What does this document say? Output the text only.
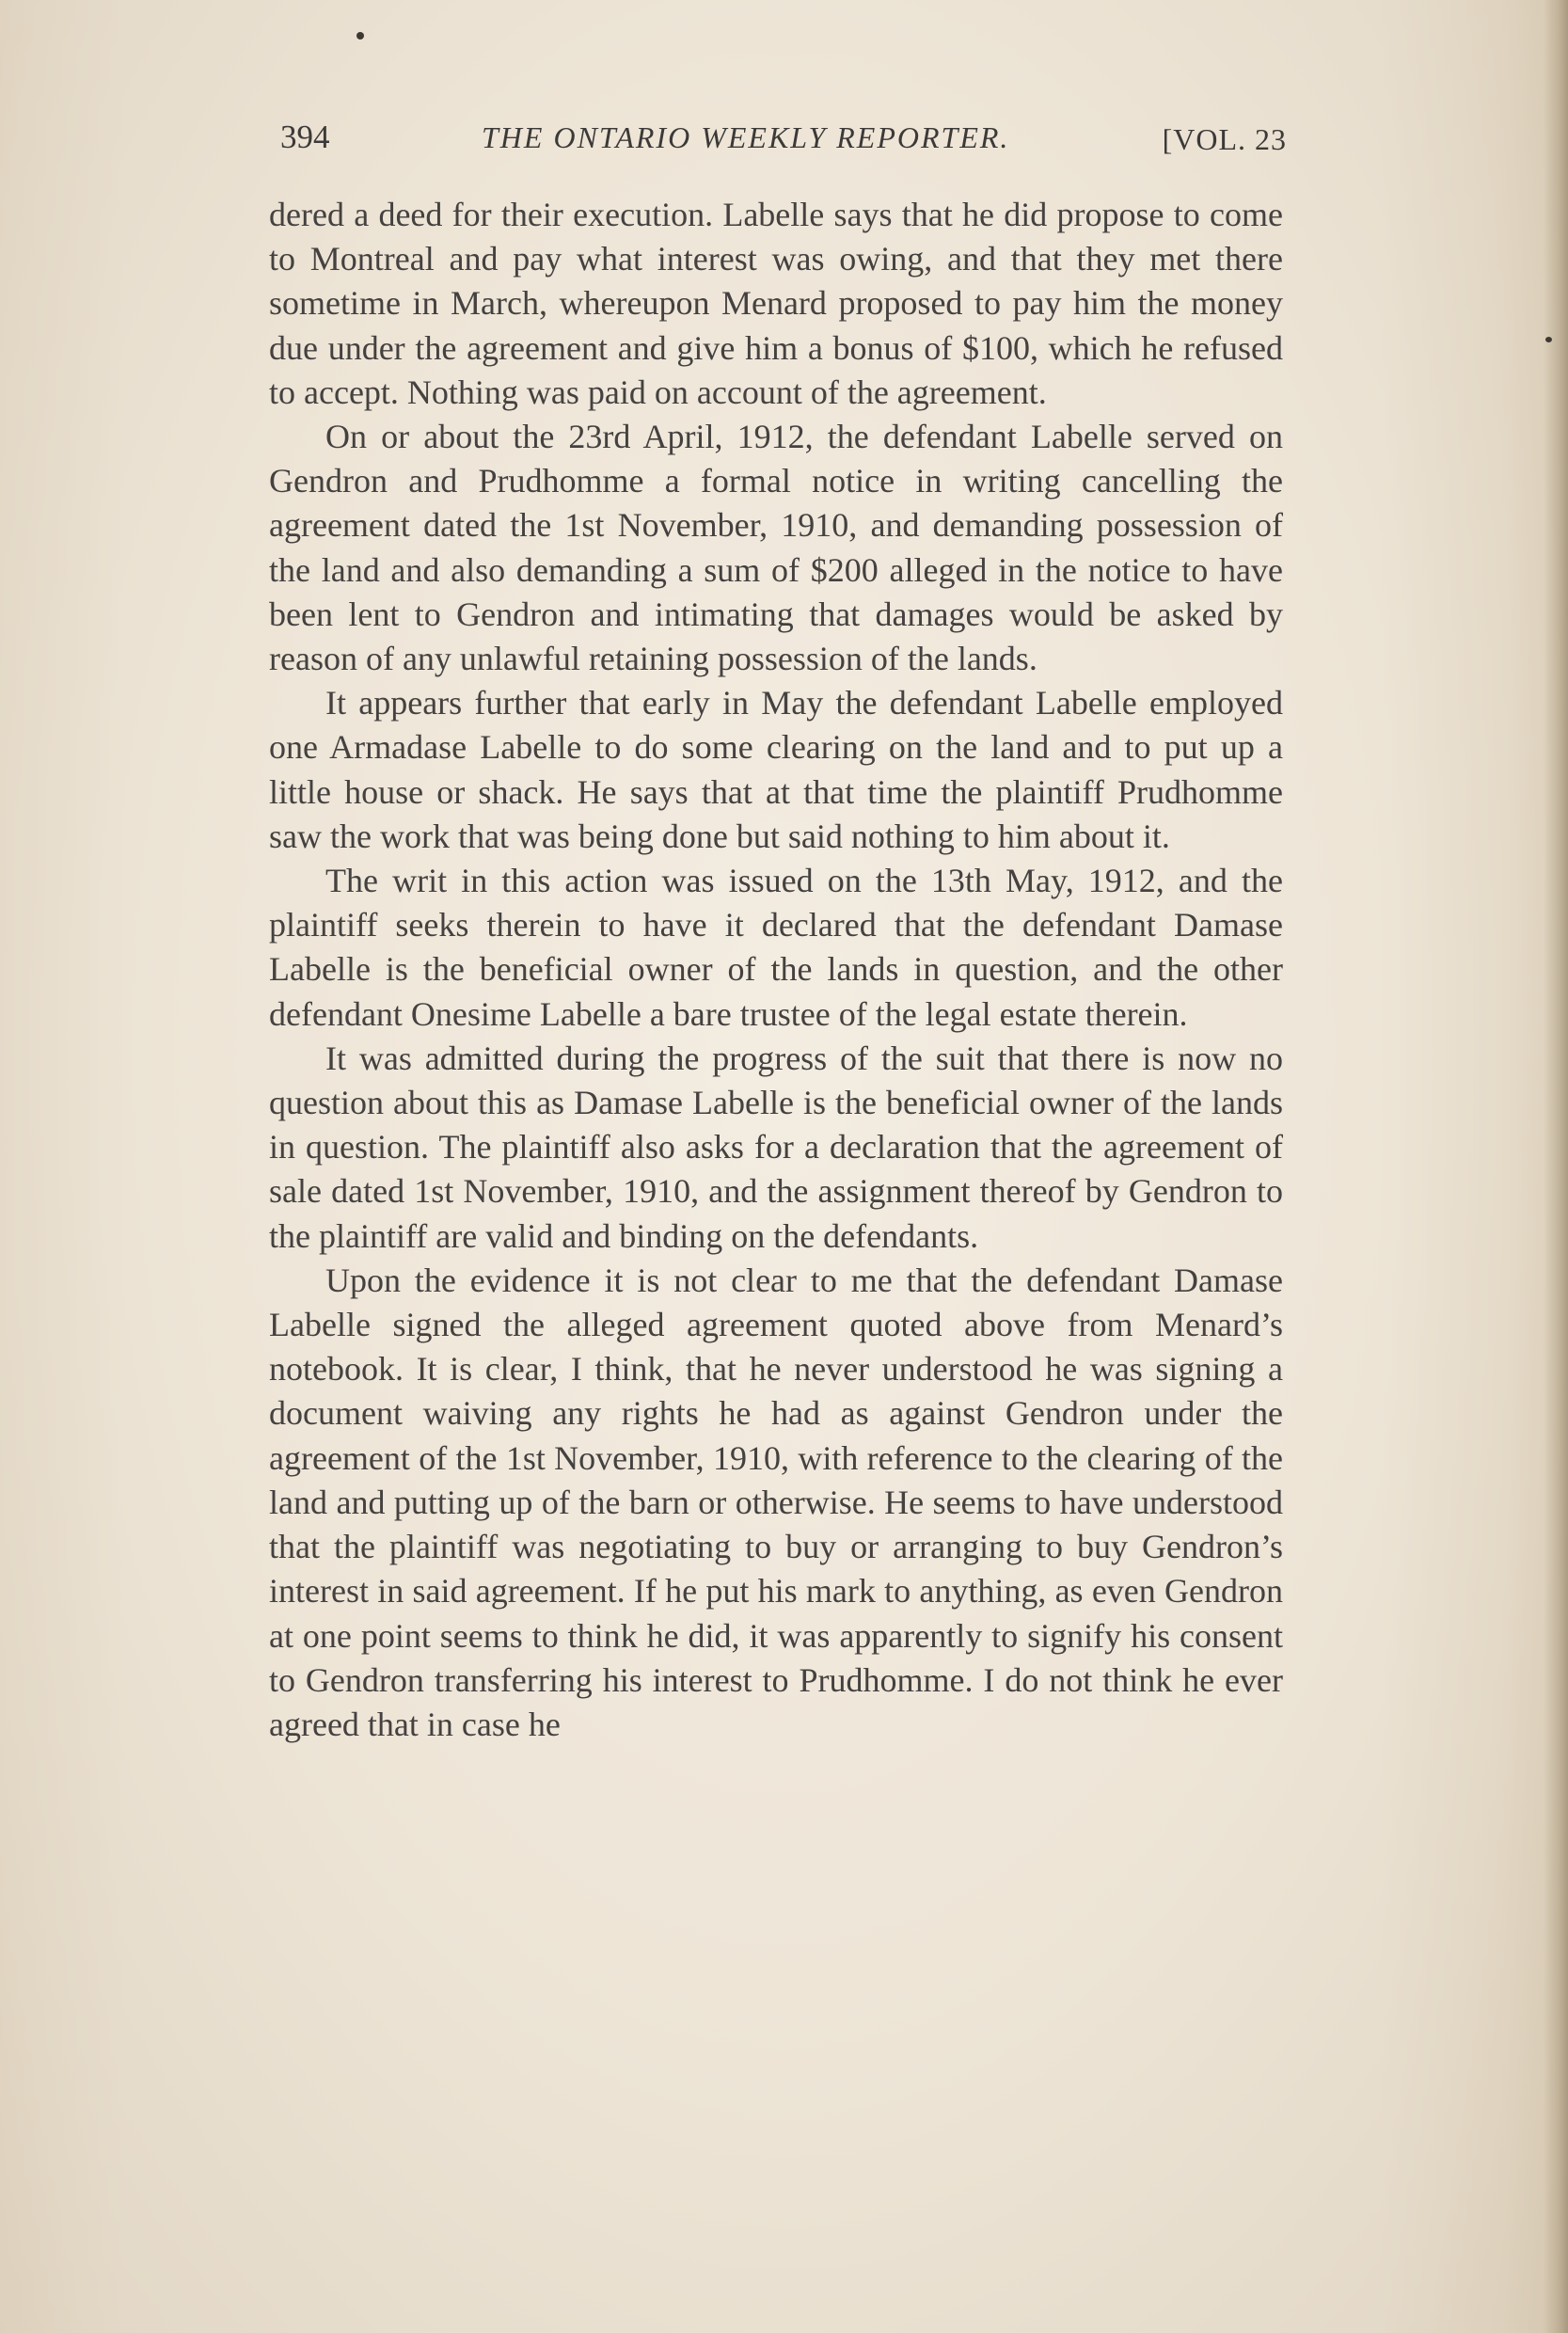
394	THE ONTARIO WEEKLY REPORTER.	[VOL. 23

dered a deed for their execution. Labelle says that he did propose to come to Montreal and pay what interest was owing, and that they met there sometime in March, whereupon Menard proposed to pay him the money due under the agreement and give him a bonus of $100, which he refused to accept. Nothing was paid on account of the agreement.

On or about the 23rd April, 1912, the defendant Labelle served on Gendron and Prudhomme a formal notice in writing cancelling the agreement dated the 1st November, 1910, and demanding possession of the land and also demanding a sum of $200 alleged in the notice to have been lent to Gendron and intimating that damages would be asked by reason of any unlawful retaining possession of the lands.

It appears further that early in May the defendant Labelle employed one Armadase Labelle to do some clearing on the land and to put up a little house or shack. He says that at that time the plaintiff Prudhomme saw the work that was being done but said nothing to him about it.

The writ in this action was issued on the 13th May, 1912, and the plaintiff seeks therein to have it declared that the defendant Damase Labelle is the beneficial owner of the lands in question, and the other defendant Onesime Labelle a bare trustee of the legal estate therein.

It was admitted during the progress of the suit that there is now no question about this as Damase Labelle is the beneficial owner of the lands in question. The plaintiff also asks for a declaration that the agreement of sale dated 1st November, 1910, and the assignment thereof by Gendron to the plaintiff are valid and binding on the defendants.

Upon the evidence it is not clear to me that the defendant Damase Labelle signed the alleged agreement quoted above from Menard’s notebook. It is clear, I think, that he never understood he was signing a document waiving any rights he had as against Gendron under the agreement of the 1st November, 1910, with reference to the clearing of the land and putting up of the barn or otherwise. He seems to have understood that the plaintiff was negotiating to buy or arranging to buy Gendron’s interest in said agreement. If he put his mark to anything, as even Gendron at one point seems to think he did, it was apparently to signify his consent to Gendron transferring his interest to Prudhomme. I do not think he ever agreed that in case he
